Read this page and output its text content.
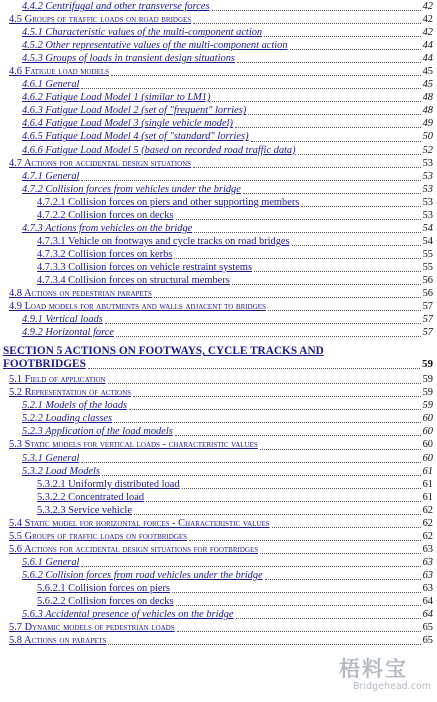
4.4.2 Centrifugal and other transverse forces	42
4.5 Groups of traffic loads on road bridges	42
4.5.1 Characteristic values of the multi-component action	42
4.5.2 Other representative values of the multi-component action	44
4.5.3 Groups of loads in transient design situations	44
4.6 Fatigue load models	45
4.6.1 General	45
4.6.2 Fatigue Load Model 1 (similar to LM1)	48
4.6.3 Fatigue Load Model 2 (set of "frequent" lorries)	48
4.6.4 Fatigue Load Model 3 (single vehicle model)	49
4.6.5 Fatigue Load Model 4 (set of "standard" lorries)	50
4.6.6 Fatigue Load Model 5 (based on recorded road traffic data)	52
4.7 Actions for accidental design situations	53
4.7.1 General	53
4.7.2 Collision forces from vehicles under the bridge	53
4.7.2.1 Collision forces on piers and other supporting members	53
4.7.2.2 Collision forces on decks	53
4.7.3 Actions from vehicles on the bridge	54
4.7.3.1 Vehicle on footways and cycle tracks on road bridges	54
4.7.3.2 Collision forces on kerbs	55
4.7.3.3 Collision forces on vehicle restraint systems	55
4.7.3.4 Collision forces on structural members	56
4.8 Actions on pedestrian parapets	56
4.9 Load models for abutments and walls adjacent to bridges	57
4.9.1 Vertical loads	57
4.9.2 Horizontal force	57
SECTION 5 ACTIONS ON FOOTWAYS, CYCLE TRACKS AND
FOOTBRIDGES	59
5.1 Field of application	59
5.2 Representation of actions	59
5.2.1 Models of the loads	59
5.2.2 Loading classes	60
5.2.3 Application of the load models	60
5.3 Static models for vertical loads - characteristic values	60
5.3.1 General	60
5.3.2 Load Models	61
5.3.2.1 Uniformly distributed load	61
5.3.2.2 Concentrated load	61
5.3.2.3 Service vehicle	62
5.4 Static model for horizontal forces - Characteristic values	62
5.5 Groups of traffic loads on footbridges	62
5.6 Actions for accidental design situations for footbridges	63
5.6.1 General	63
5.6.2 Collision forces from road vehicles under the bridge	63
5.6.2.1 Collision forces on piers	63
5.6.2.2 Collision forces on decks	64
5.6.3 Accidental presence of vehicles on the bridge	64
5.7 Dynamic models of pedestrian loads	65
5.8 Actions on parapets	65
梧料宝
Bridgehead.com
